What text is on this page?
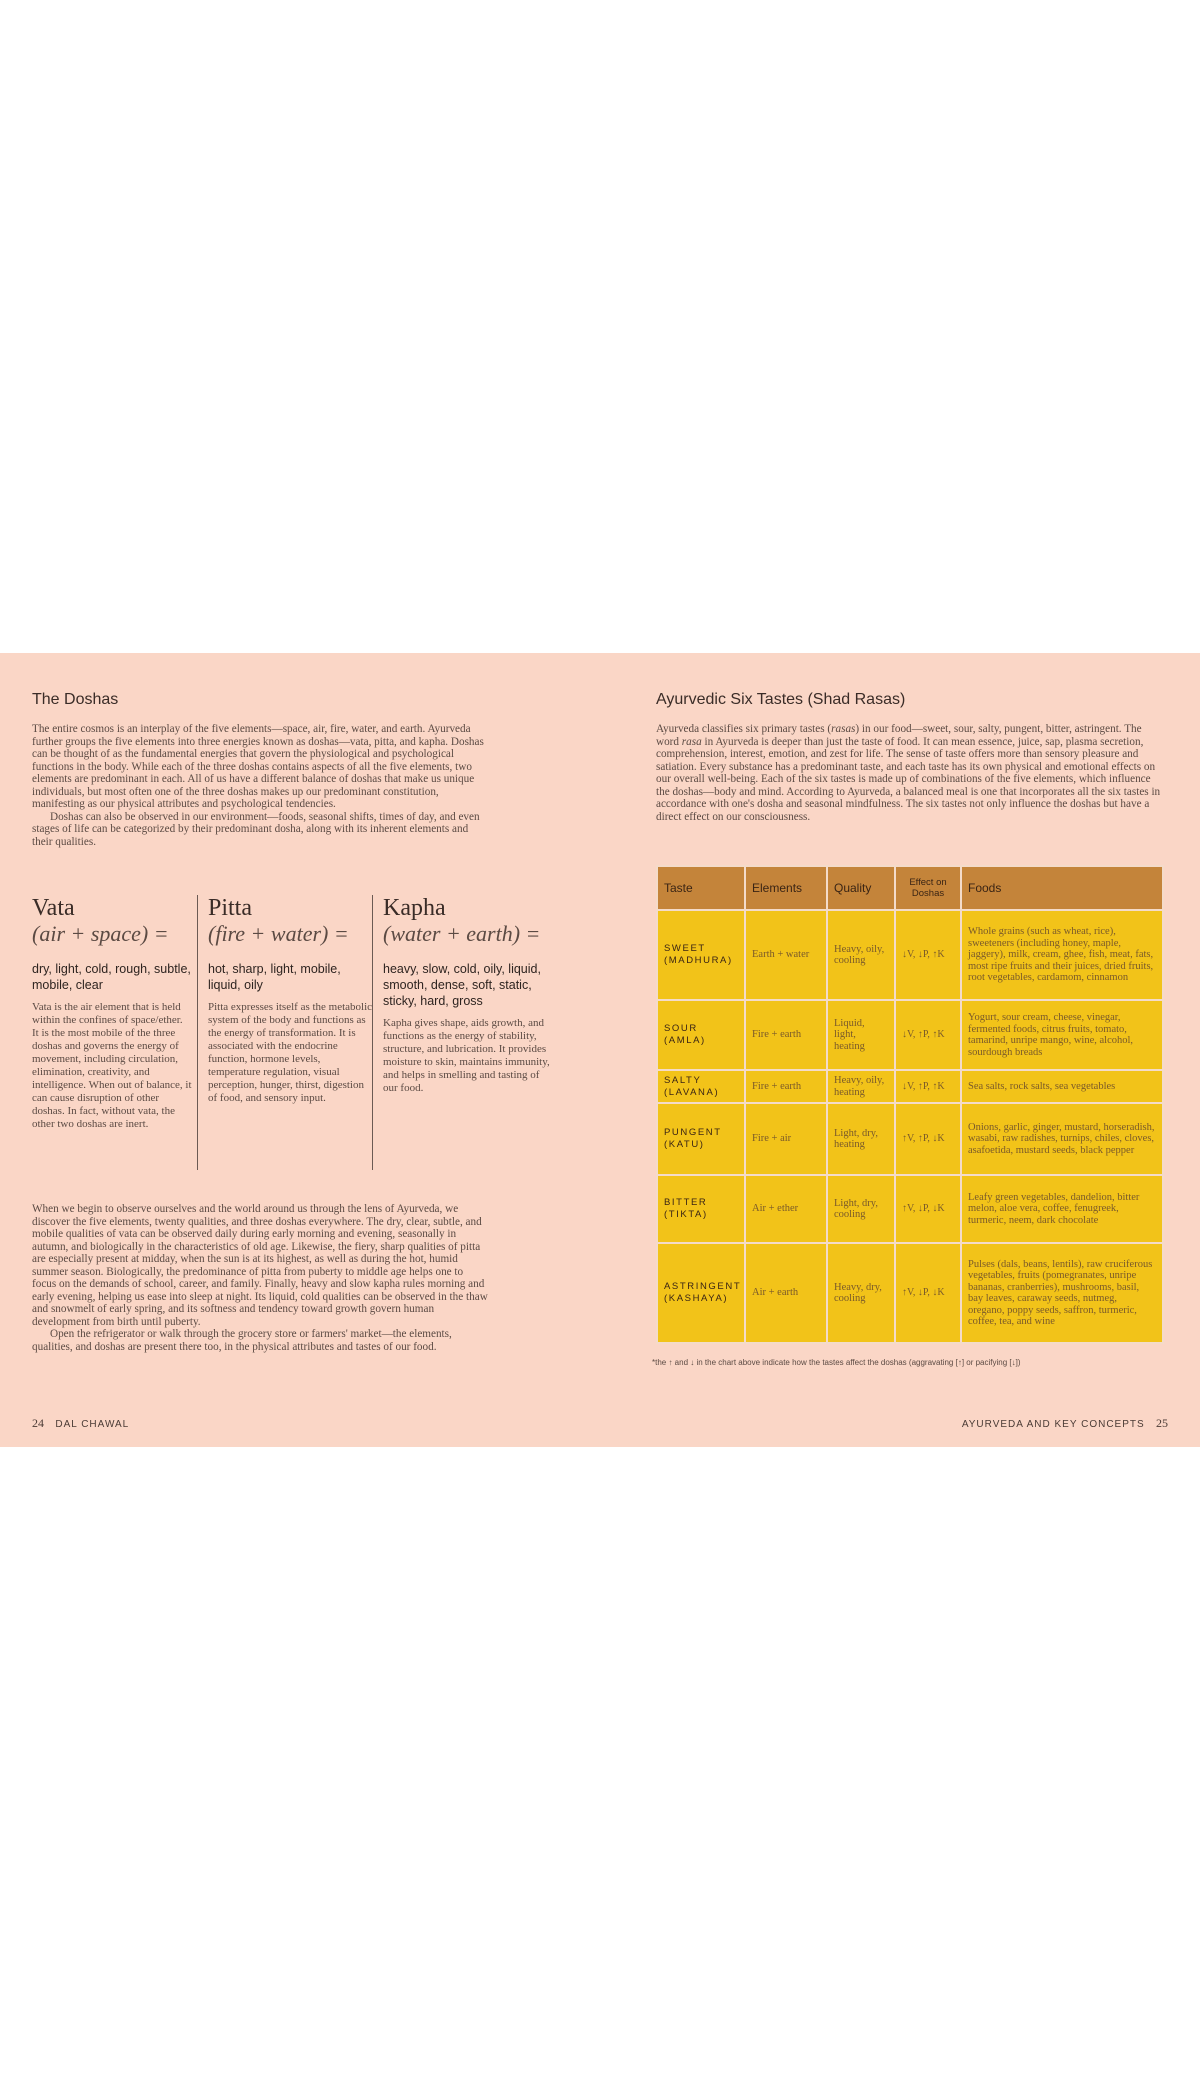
The Doshas
The entire cosmos is an interplay of the five elements—space, air, fire, water, and earth. Ayurveda further groups the five elements into three energies known as doshas—vata, pitta, and kapha. Doshas can be thought of as the fundamental energies that govern the physiological and psychological functions in the body. While each of the three doshas contains aspects of all the five elements, two elements are predominant in each. All of us have a different balance of doshas that make us unique individuals, but most often one of the three doshas makes up our predominant constitution, manifesting as our physical attributes and psychological tendencies.
Doshas can also be observed in our environment—foods, seasonal shifts, times of day, and even stages of life can be categorized by their predominant dosha, along with its inherent elements and their qualities.

Vata

(air + space) =

dry, light, cold, rough, subtle, mobile, clear

Vata is the air element that is held within the confines of space/ether. It is the most mobile of the three doshas and governs the energy of movement, including circulation, elimination, creativity, and intelligence. When out of balance, it can cause disruption of other doshas. In fact, without vata, the other two doshas are inert.

Pitta

(fire + water) =

hot, sharp, light, mobile, liquid, oily

Pitta expresses itself as the metabolic system of the body and functions as the energy of transformation. It is associated with the endocrine function, hormone levels, temperature regulation, visual perception, hunger, thirst, digestion of food, and sensory input.

Kapha

(water + earth) =

heavy, slow, cold, oily, liquid, smooth, dense, soft, static, sticky, hard, gross

Kapha gives shape, aids growth, and functions as the energy of stability, structure, and lubrication. It provides moisture to skin, maintains immunity, and helps in smelling and tasting of our food.

When we begin to observe ourselves and the world around us through the lens of Ayurveda, we discover the five elements, twenty qualities, and three doshas everywhere. The dry, clear, subtle, and mobile qualities of vata can be observed daily during early morning and evening, seasonally in autumn, and biologically in the characteristics of old age. Likewise, the fiery, sharp qualities of pitta are especially present at midday, when the sun is at its highest, as well as during the hot, humid summer season. Biologically, the predominance of pitta from puberty to middle age helps one to focus on the demands of school, career, and family. Finally, heavy and slow kapha rules morning and early evening, helping us ease into sleep at night. Its liquid, cold qualities can be observed in the thaw and snowmelt of early spring, and its softness and tendency toward growth govern human development from birth until puberty.
Open the refrigerator or walk through the grocery store or farmers' market—the elements, qualities, and doshas are present there too, in the physical attributes and tastes of our food.
24 DAL CHAWAL
Ayurvedic Six Tastes (Shad Rasas)

Ayurveda classifies six primary tastes (rasas) in our food—sweet, sour, salty, pungent, bitter, astringent. The word rasa in Ayurveda is deeper than just the taste of food. It can mean essence, juice, sap, plasma secretion, comprehension, interest, emotion, and zest for life. The sense of taste offers more than sensory pleasure and satiation. Every substance has a predominant taste, and each taste has its own physical and emotional effects on our overall well-being. Each of the six tastes is made up of combinations of the five elements, which influence the doshas—body and mind. According to Ayurveda, a balanced meal is one that incorporates all the six tastes in accordance with one's dosha and seasonal mindfulness. The six tastes not only influence the doshas but have a direct effect on our consciousness.

Taste	Elements	Quality	Effect on Doshas	Foods
SWEET (MADHURA)	Earth + water	Heavy, oily, cooling	↓V, ↓P, ↑K	Whole grains (such as wheat, rice), sweeteners (including honey, maple, jaggery), milk, cream, ghee, fish, meat, fats, most ripe fruits and their juices, dried fruits, root vegetables, cardamom, cinnamon
SOUR (AMLA)	Fire + earth	Liquid, light, heating	↓V, ↑P, ↑K	Yogurt, sour cream, cheese, vinegar, fermented foods, citrus fruits, tomato, tamarind, unripe mango, wine, alcohol, sourdough breads
SALTY (LAVANA)	Fire + earth	Heavy, oily, heating	↓V, ↑P, ↑K	Sea salts, rock salts, sea vegetables
PUNGENT (KATU)	Fire + air	Light, dry, heating	↑V, ↑P, ↓K	Onions, garlic, ginger, mustard, horseradish, wasabi, raw radishes, turnips, chiles, cloves, asafoetida, mustard seeds, black pepper
BITTER (TIKTA)	Air + ether	Light, dry, cooling	↑V, ↓P, ↓K	Leafy green vegetables, dandelion, bitter melon, aloe vera, coffee, fenugreek, turmeric, neem, dark chocolate
ASTRINGENT (KASHAYA)	Air + earth	Heavy, dry, cooling	↑V, ↓P, ↓K	Pulses (dals, beans, lentils), raw cruciferous vegetables, fruits (pomegranates, unripe bananas, cranberries), mushrooms, basil, bay leaves, caraway seeds, nutmeg, oregano, poppy seeds, saffron, turmeric, coffee, tea, and wine

*the ↑ and ↓ in the chart above indicate how the tastes affect the doshas (aggravating [↑] or pacifying [↓])

AYURVEDA AND KEY CONCEPTS 25
